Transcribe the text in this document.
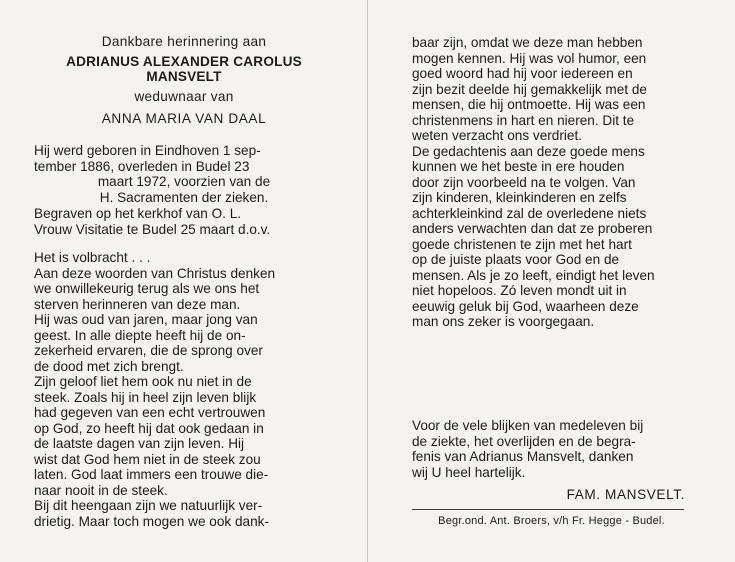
Dankbare herinnering aan

ADRIANUS ALEXANDER CAROLUS

MANSVELT

weduwnaar van

ANNA MARIA VAN DAAL

Hij werd geboren in Eindhoven 1 sep-

tember 1886, overleden in Budel 23

maart 1972, voorzien van de

H. Sacramenten der zieken.

Begraven op het kerkhof van O. L.

Vrouw Visitatie te Budel 25 maart d.o.v.

Het is volbracht . . .

Aan deze woorden van Christus denken

we onwillekeurig terug als we ons het

sterven herinneren van deze man.

Hij was oud van jaren, maar jong van

geest. In alle diepte heeft hij de on-

zekerheid ervaren, die de sprong over

de dood met zich brengt.

Zijn geloof liet hem ook nu niet in de

steek. Zoals hij in heel zijn leven blijk

had gegeven van een echt vertrouwen

op God, zo heeft hij dat ook gedaan in

de laatste dagen van zijn leven. Hij

wist dat God hem niet in de steek zou

laten. God laat immers een trouwe die-

naar nooit in de steek.

Bij dit heengaan zijn we natuurlijk ver-

drietig. Maar toch mogen we ook dank-

baar zijn, omdat we deze man hebben

mogen kennen. Hij was vol humor, een

goed woord had hij voor iedereen en

zijn bezit deelde hij gemakkelijk met de

mensen, die hij ontmoette. Hij was een

christenmens in hart en nieren. Dit te

weten verzacht ons verdriet.

De gedachtenis aan deze goede mens

kunnen we het beste in ere houden

door zijn voorbeeld na te volgen. Van

zijn kinderen, kleinkinderen en zelfs

achterkleinkind zal de overledene niets

anders verwachten dan dat ze proberen

goede christenen te zijn met het hart

op de juiste plaats voor God en de

mensen. Als je zo leeft, eindigt het leven

niet hopeloos. Zó leven mondt uit in

eeuwig geluk bij God, waarheen deze

man ons zeker is voorgegaan.

Voor de vele blijken van medeleven bij

de ziekte, het overlijden en de begra-

fenis van Adrianus Mansvelt, danken

wij U heel hartelijk.

FAM. MANSVELT.
Begr.ond. Ant. Broers, v/h Fr. Hegge - Budel.
